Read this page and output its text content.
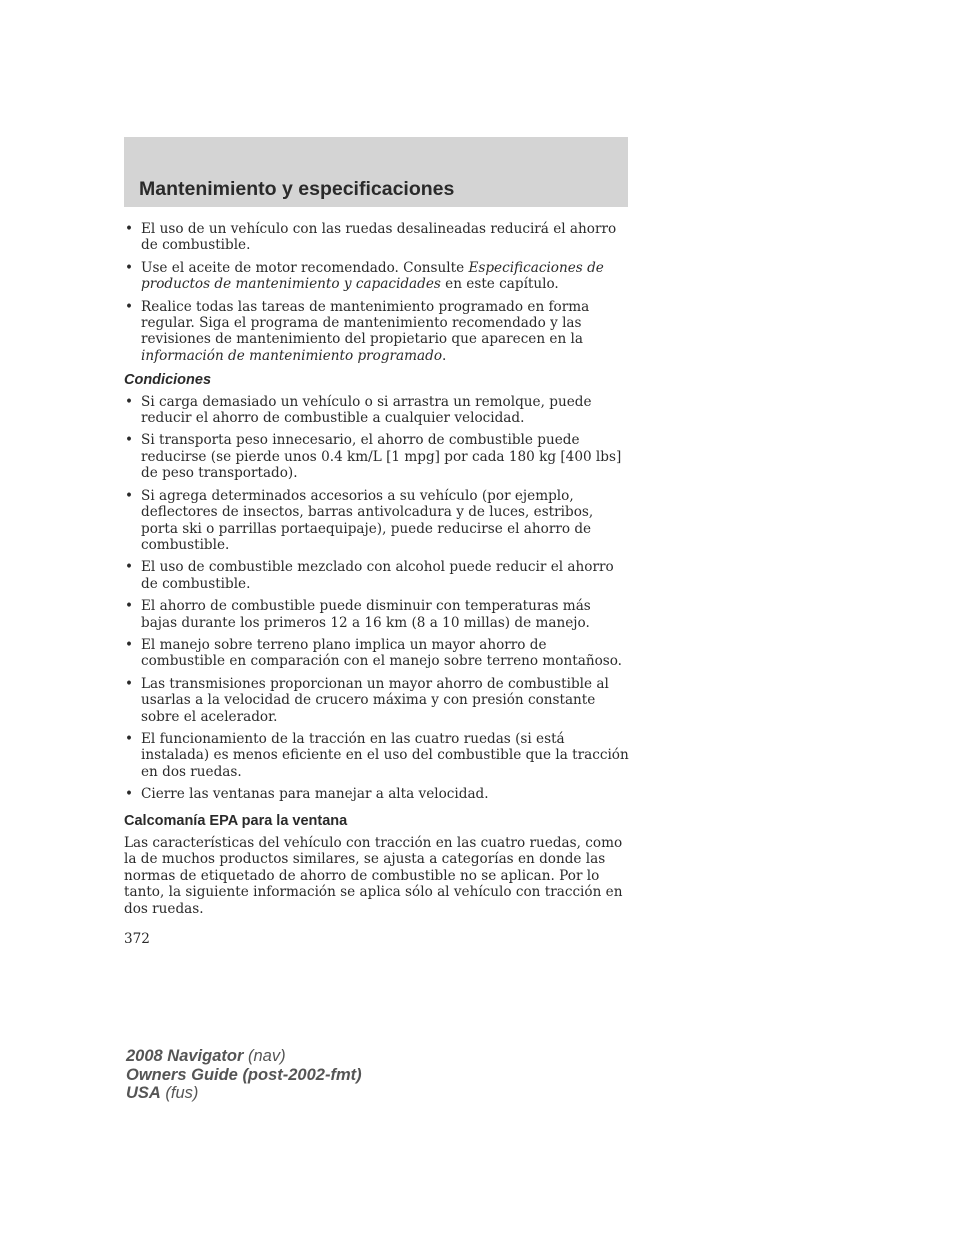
Mantenimiento y especificaciones
• El uso de un vehículo con las ruedas desalineadas reducirá el ahorro de combustible.
• Use el aceite de motor recomendado. Consulte Especificaciones de productos de mantenimiento y capacidades en este capítulo.
• Realice todas las tareas de mantenimiento programado en forma regular. Siga el programa de mantenimiento recomendado y las revisiones de mantenimiento del propietario que aparecen en la información de mantenimiento programado.
Condiciones
• Si carga demasiado un vehículo o si arrastra un remolque, puede reducir el ahorro de combustible a cualquier velocidad.
• Si transporta peso innecesario, el ahorro de combustible puede reducirse (se pierde unos 0.4 km/L [1 mpg] por cada 180 kg [400 lbs] de peso transportado).
• Si agrega determinados accesorios a su vehículo (por ejemplo, deflectores de insectos, barras antivolcadura y de luces, estribos, porta ski o parrillas portaequipaje), puede reducirse el ahorro de combustible.
• El uso de combustible mezclado con alcohol puede reducir el ahorro de combustible.
• El ahorro de combustible puede disminuir con temperaturas más bajas durante los primeros 12 a 16 km (8 a 10 millas) de manejo.
• El manejo sobre terreno plano implica un mayor ahorro de combustible en comparación con el manejo sobre terreno montañoso.
• Las transmisiones proporcionan un mayor ahorro de combustible al usarlas a la velocidad de crucero máxima y con presión constante sobre el acelerador.
• El funcionamiento de la tracción en las cuatro ruedas (si está instalada) es menos eficiente en el uso del combustible que la tracción en dos ruedas.
• Cierre las ventanas para manejar a alta velocidad.
Calcomanía EPA para la ventana

Las características del vehículo con tracción en las cuatro ruedas, como la de muchos productos similares, se ajusta a categorías en donde las normas de etiquetado de ahorro de combustible no se aplican. Por lo tanto, la siguiente información se aplica sólo al vehículo con tracción en dos ruedas.

372
2008 Navigator (nav)
Owners Guide (post-2002-fmt)
USA (fus)
